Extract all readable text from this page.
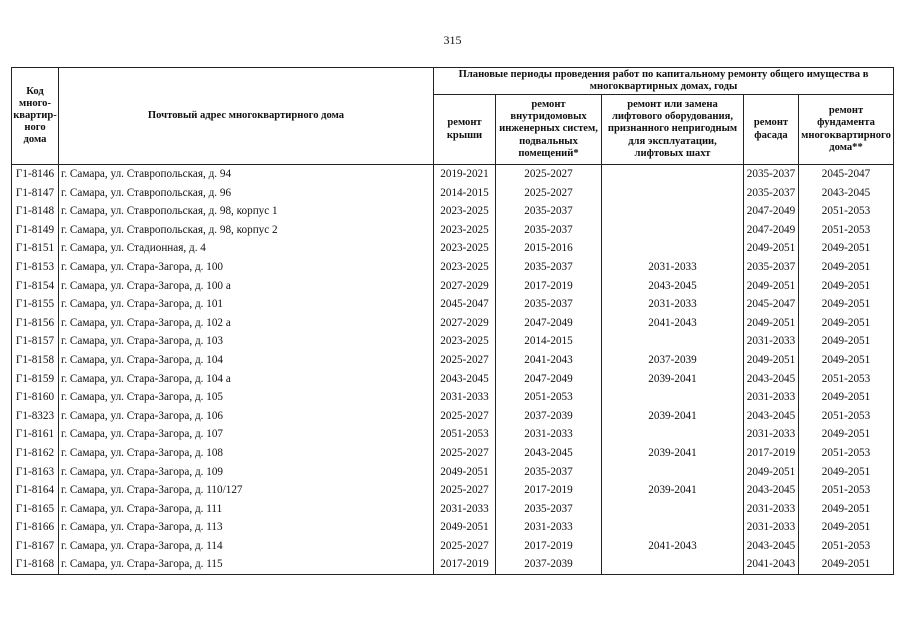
315
Код
много-
квартир-
ного
дома	Почтовый адрес многоквартирного дома	Плановые периоды проведения работ по капитальному ремонту общего имущества в многоквартирных домах, годы				
		ремонт крыши	ремонт внутридомовых инженерных систем, подвальных помещений*	ремонт или замена лифтового оборудования, признанного непригодным для эксплуатации, лифтовых шахт	ремонт фасада	ремонт фундамента многоквартирного дома**
Г1-8146	г. Самара, ул. Ставропольская, д. 94	2019-2021	2025-2027		2035-2037	2045-2047
Г1-8147	г. Самара, ул. Ставропольская, д. 96	2014-2015	2025-2027		2035-2037	2043-2045
Г1-8148	г. Самара, ул. Ставропольская, д. 98, корпус 1	2023-2025	2035-2037		2047-2049	2051-2053
Г1-8149	г. Самара, ул. Ставропольская, д. 98, корпус 2	2023-2025	2035-2037		2047-2049	2051-2053
Г1-8151	г. Самара, ул. Стадионная, д. 4	2023-2025	2015-2016		2049-2051	2049-2051
Г1-8153	г. Самара, ул. Стара-Загора, д. 100	2023-2025	2035-2037	2031-2033	2035-2037	2049-2051
Г1-8154	г. Самара, ул. Стара-Загора, д. 100 а	2027-2029	2017-2019	2043-2045	2049-2051	2049-2051
Г1-8155	г. Самара, ул. Стара-Загора, д. 101	2045-2047	2035-2037	2031-2033	2045-2047	2049-2051
Г1-8156	г. Самара, ул. Стара-Загора, д. 102 а	2027-2029	2047-2049	2041-2043	2049-2051	2049-2051
Г1-8157	г. Самара, ул. Стара-Загора, д. 103	2023-2025	2014-2015		2031-2033	2049-2051
Г1-8158	г. Самара, ул. Стара-Загора, д. 104	2025-2027	2041-2043	2037-2039	2049-2051	2049-2051
Г1-8159	г. Самара, ул. Стара-Загора, д. 104 а	2043-2045	2047-2049	2039-2041	2043-2045	2051-2053
Г1-8160	г. Самара, ул. Стара-Загора, д. 105	2031-2033	2051-2053		2031-2033	2049-2051
Г1-8323	г. Самара, ул. Стара-Загора, д. 106	2025-2027	2037-2039	2039-2041	2043-2045	2051-2053
Г1-8161	г. Самара, ул. Стара-Загора, д. 107	2051-2053	2031-2033		2031-2033	2049-2051
Г1-8162	г. Самара, ул. Стара-Загора, д. 108	2025-2027	2043-2045	2039-2041	2017-2019	2051-2053
Г1-8163	г. Самара, ул. Стара-Загора, д. 109	2049-2051	2035-2037		2049-2051	2049-2051
Г1-8164	г. Самара, ул. Стара-Загора, д. 110/127	2025-2027	2017-2019	2039-2041	2043-2045	2051-2053
Г1-8165	г. Самара, ул. Стара-Загора, д. 111	2031-2033	2035-2037		2031-2033	2049-2051
Г1-8166	г. Самара, ул. Стара-Загора, д. 113	2049-2051	2031-2033		2031-2033	2049-2051
Г1-8167	г. Самара, ул. Стара-Загора, д. 114	2025-2027	2017-2019	2041-2043	2043-2045	2051-2053
Г1-8168	г. Самара, ул. Стара-Загора, д. 115	2017-2019	2037-2039		2041-2043	2049-2051
